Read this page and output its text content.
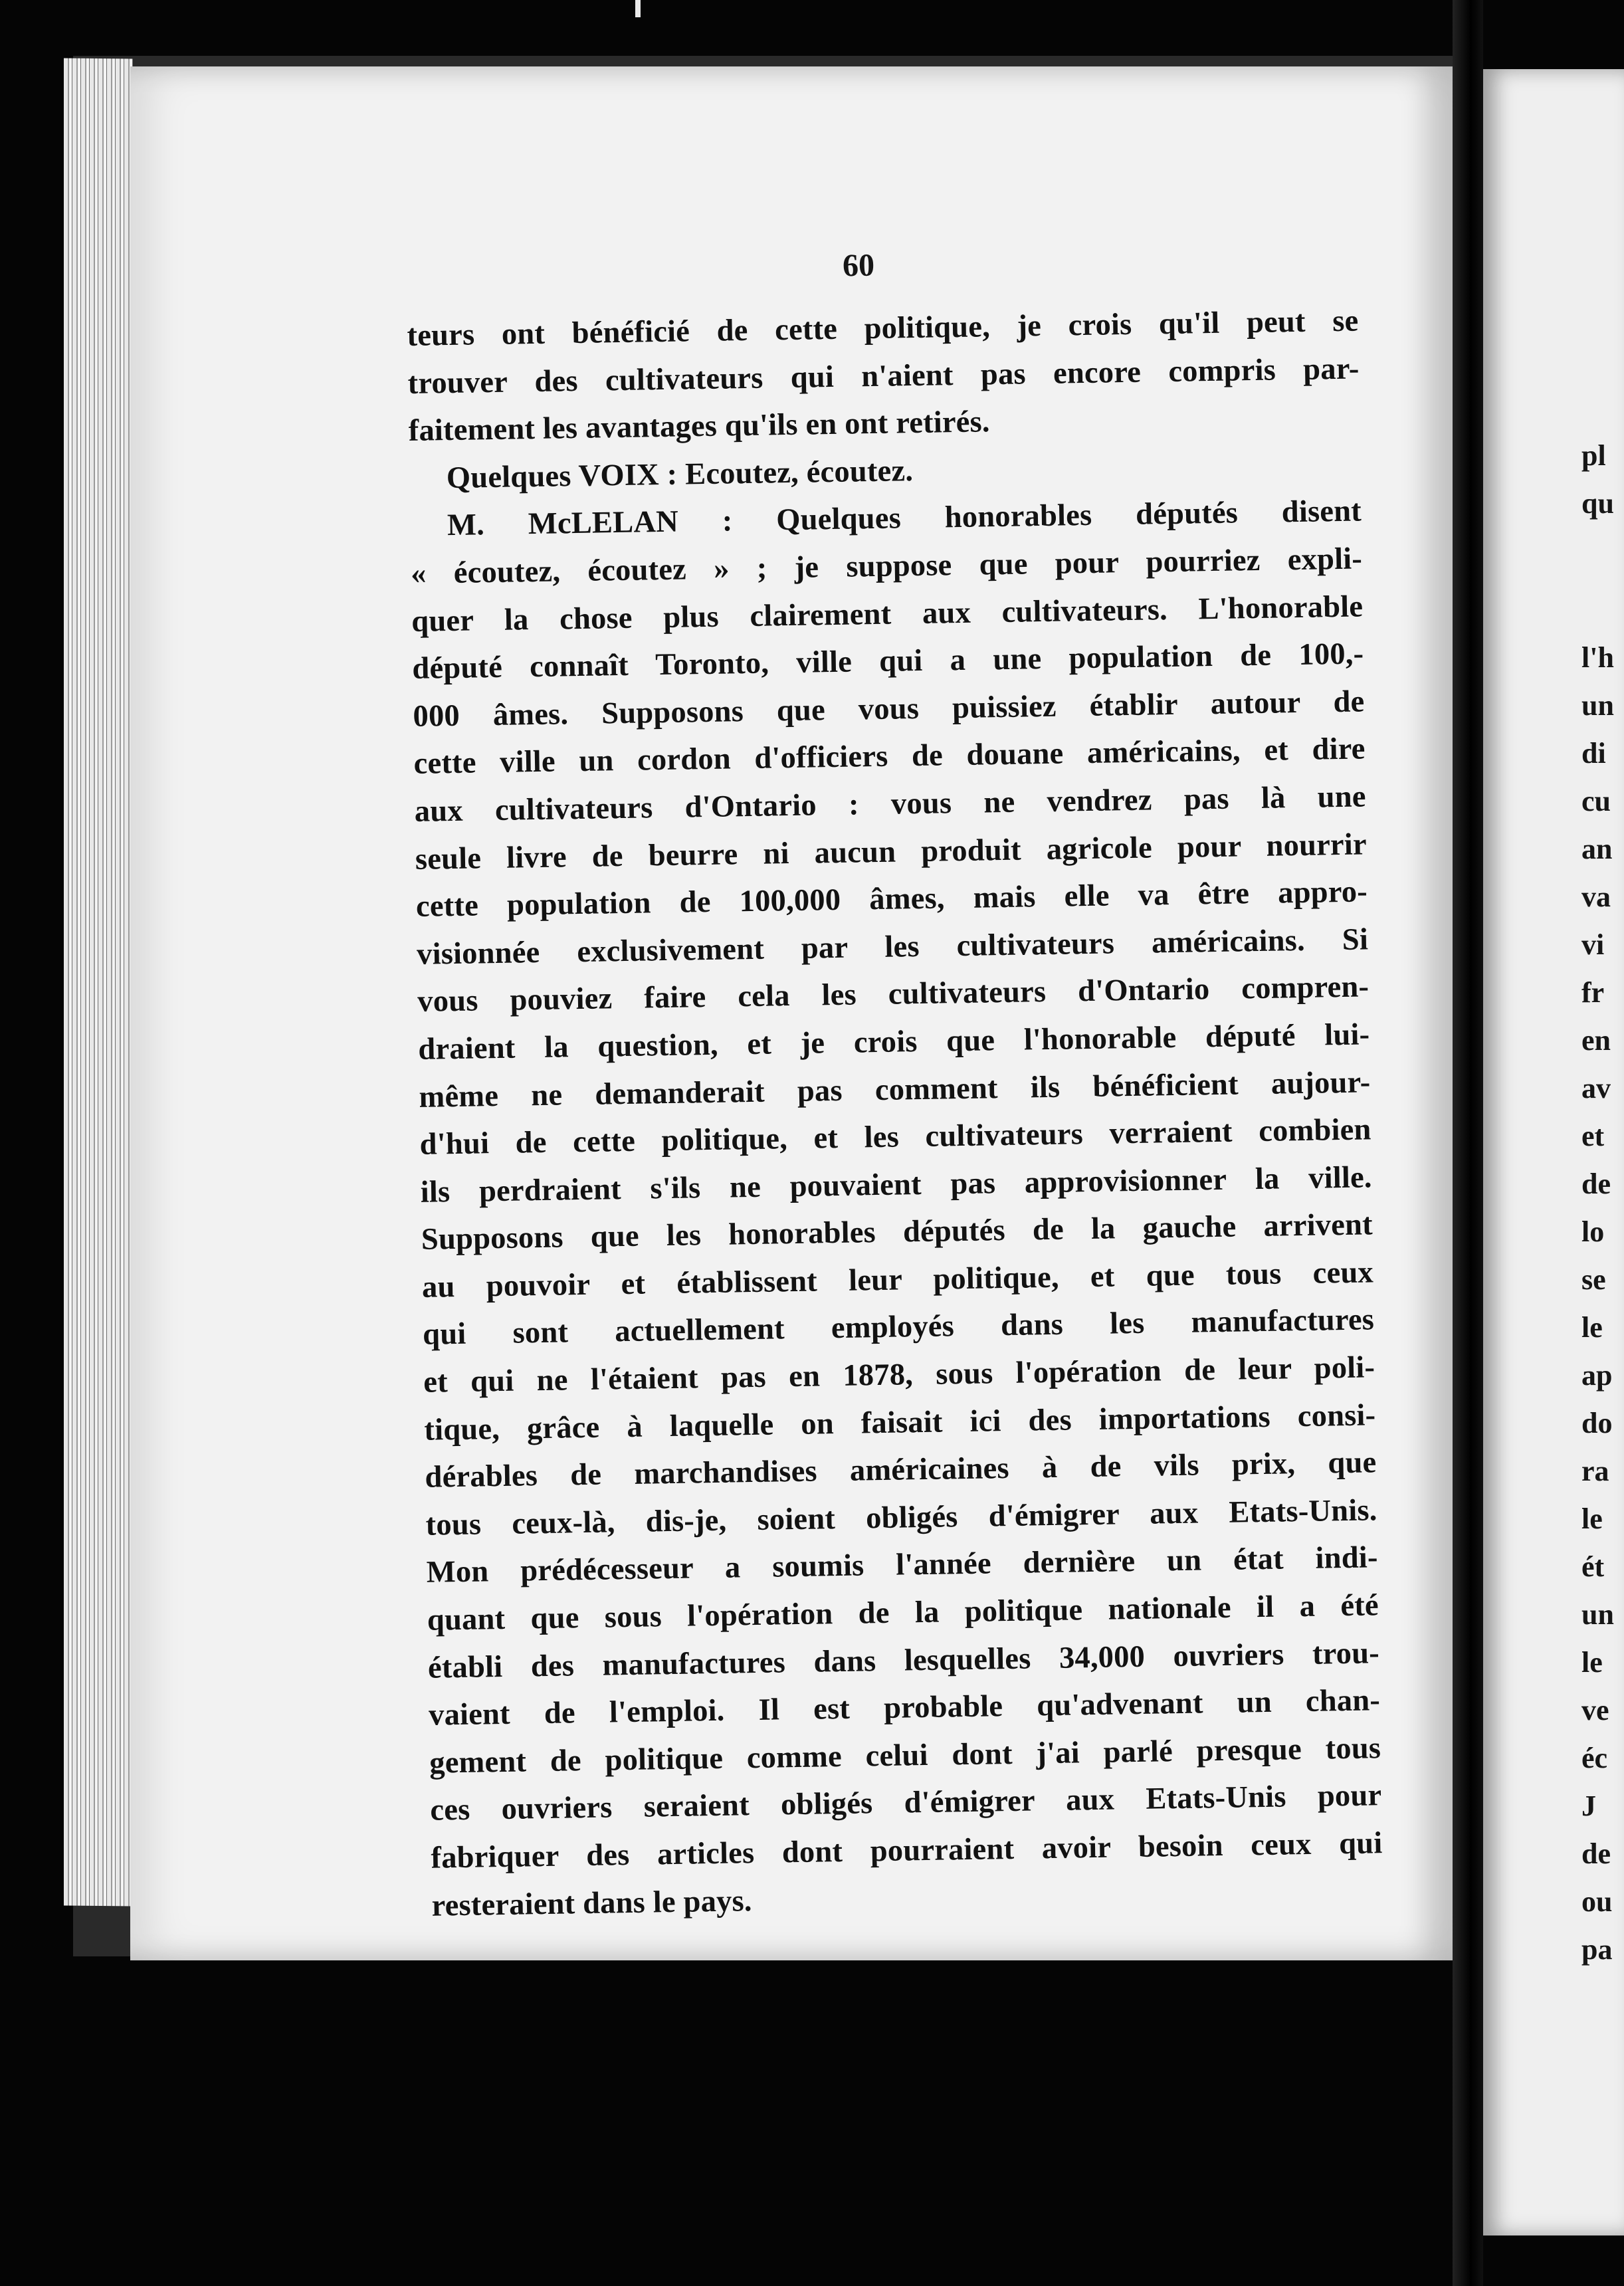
60
teurs ont bénéficié de cette politique, je crois qu'il peut se
trouver des cultivateurs qui n'aient pas encore compris par-
faitement les avantages qu'ils en ont retirés.
Quelques VOIX : Ecoutez, écoutez.
M. McLELAN : Quelques honorables députés disent
« écoutez, écoutez » ; je suppose que pour pourriez expli-
quer la chose plus clairement aux cultivateurs. L'honorable
député connaît Toronto, ville qui a une population de 100,-
000 âmes. Supposons que vous puissiez établir autour de
cette ville un cordon d'officiers de douane américains, et dire
aux cultivateurs d'Ontario : vous ne vendrez pas là une
seule livre de beurre ni aucun produit agricole pour nourrir
cette population de 100,000 âmes, mais elle va être appro-
visionnée exclusivement par les cultivateurs américains. Si
vous pouviez faire cela les cultivateurs d'Ontario compren-
draient la question, et je crois que l'honorable député lui-
même ne demanderait pas comment ils bénéficient aujour-
d'hui de cette politique, et les cultivateurs verraient combien
ils perdraient s'ils ne pouvaient pas approvisionner la ville.
Supposons que les honorables députés de la gauche arrivent
au pouvoir et établissent leur politique, et que tous ceux
qui sont actuellement employés dans les manufactures
et qui ne l'étaient pas en 1878, sous l'opération de leur poli-
tique, grâce à laquelle on faisait ici des importations consi-
dérables de marchandises américaines à de vils prix, que
tous ceux-là, dis-je, soient obligés d'émigrer aux Etats-Unis.
Mon prédécesseur a soumis l'année dernière un état indi-
quant que sous l'opération de la politique nationale il a été
établi des manufactures dans lesquelles 34,000 ouvriers trou-
vaient de l'emploi. Il est probable qu'advenant un chan-
gement de politique comme celui dont j'ai parlé presque tous
ces ouvriers seraient obligés d'émigrer aux Etats-Unis pour
fabriquer des articles dont pourraient avoir besoin ceux qui
resteraient dans le pays.
pl
qu
l'h
un
di
cu
an
va
vi
fr
en
av
et
de
lo
se
le
ap
do
ra
le
ét
un
le
ve
éc
J
de
ou
pa
